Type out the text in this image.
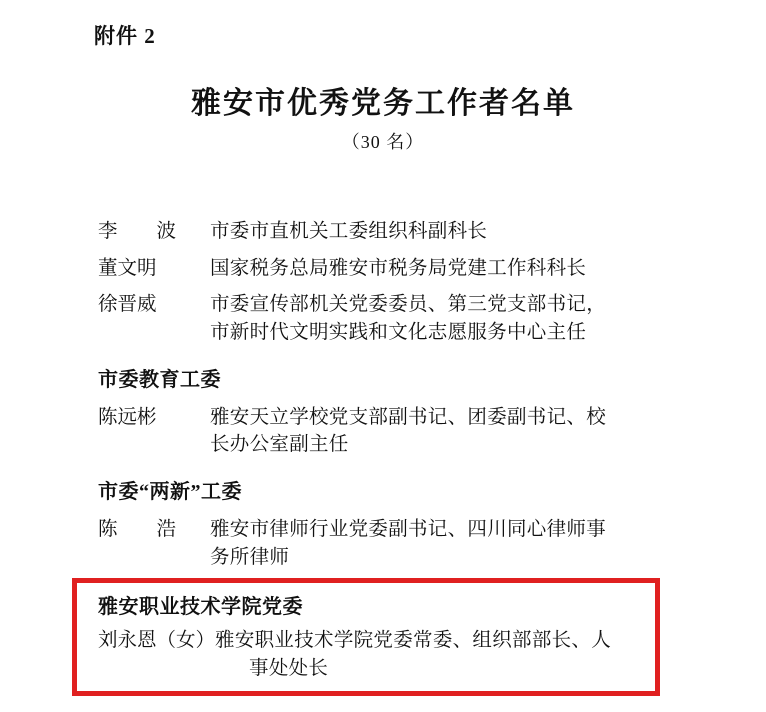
附件 2
雅安市优秀党务工作者名单
（30 名）
李　　波	市委市直机关工委组织科副科长
董文明	国家税务总局雅安市税务局党建工作科科长
徐晋威	市委宣传部机关党委委员、第三党支部书记，
市新时代文明实践和文化志愿服务中心主任
市委教育工委
陈远彬	雅安天立学校党支部副书记、团委副书记、校
长办公室副主任
市委“两新”工委
陈　　浩	雅安市律师行业党委副书记、四川同心律师事
务所律师
雅安职业技术学院党委
刘永恩（女） 雅安职业技术学院党委常委、组织部部长、人
事处处长
